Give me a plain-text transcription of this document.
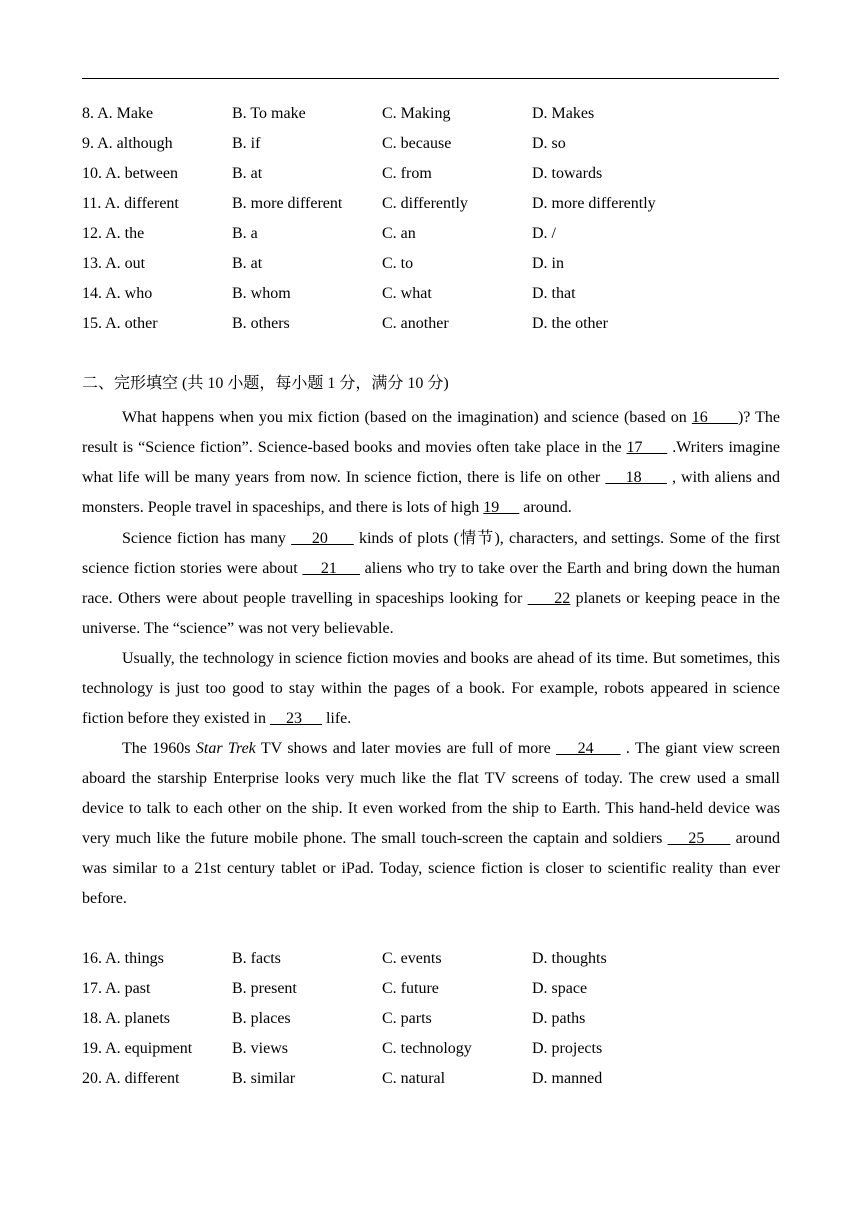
8. A. Make	B. To make	C. Making	D. Makes
9. A. although	B. if	C. because	D. so
10. A. between	B. at	C. from	D. towards
11. A. different	B. more different C. differently	D. more differently
12. A. the	B. a	C. an	D. /
13. A. out	B. at	C. to	D. in
14. A. who	B. whom	C. what	D. that
15. A. other	B. others	C. another	D. the other
二、完形填空 (共 10 小题，每小题 1 分，满分 10 分)

What happens when you mix fiction (based on the imagination) and science (based on 16      )? The result is “Science fiction”. Science-based books and movies often take place in the 17      .Writers imagine what life will be many years from now. In science fiction, there is life on other     18      , with aliens and monsters. People travel in spaceships, and there is lots of high 19      around.

Science fiction has many     20      kinds of plots (情节), characters, and settings. Some of the first science fiction stories were about     21      aliens who try to take over the Earth and bring down the human race. Others were about people travelling in spaceships looking for      22 planets or keeping peace in the universe. The “science” was not very believable.

Usually, the technology in science fiction movies and books are ahead of its time. But sometimes, this technology is just too good to stay within the pages of a book. For example, robots appeared in science fiction before they existed in     23      life.

The 1960s Star Trek TV shows and later movies are full of more     24      . The giant view screen aboard the starship Enterprise looks very much like the flat TV screens of today. The crew used a small device to talk to each other on the ship. It even worked from the ship to Earth. This hand-held device was very much like the future mobile phone. The small touch-screen the captain and soldiers     25      around was similar to a 21st century tablet or iPad. Today, science fiction is closer to scientific reality than ever before.

16. A. things	B. facts	C. events	D. thoughts
17. A. past	B. present	C. future	D. space
18. A. planets	B. places	C. parts	D. paths
19. A. equipment B. views	C. technology	D. projects
20. A. different	B. similar	C. natural	D. manned
